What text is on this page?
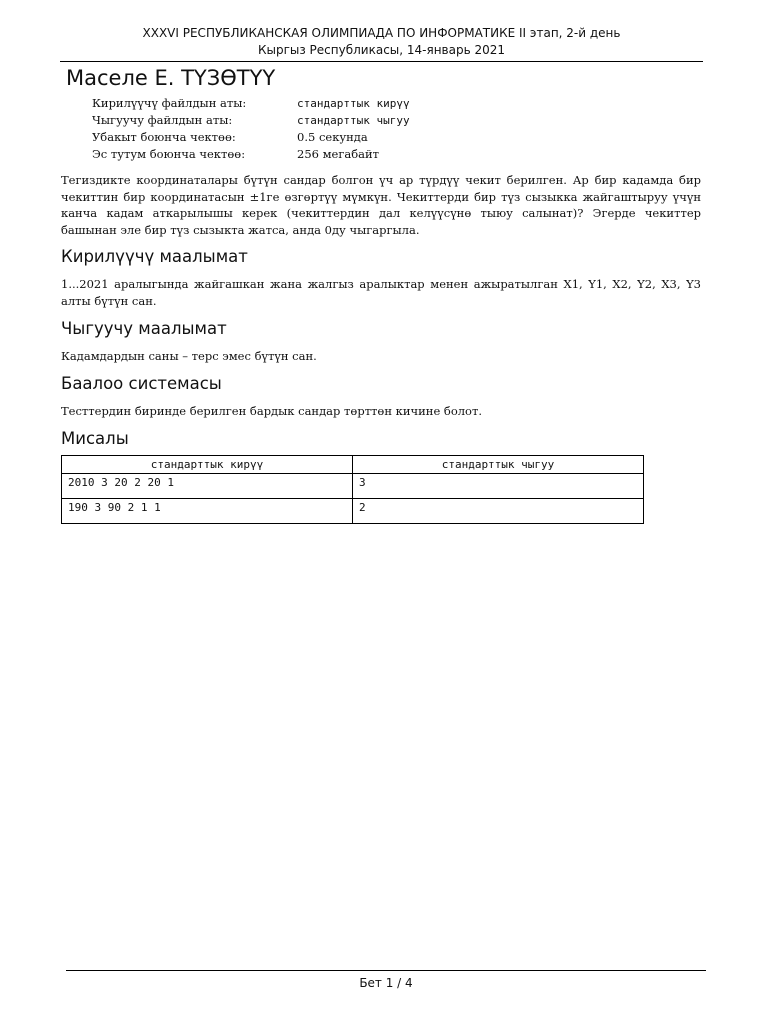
XXXVI РЕСПУБЛИКАНСКАЯ ОЛИМПИАДА ПО ИНФОРМАТИКЕ II этап, 2-й день
Кыргыз Республикасы, 14-январь 2021
Маселе Е. ТҮЗӨТҮҮ
Кирилүүчү файлдын аты:	стандарттык кирүү
Чыгуучу файлдын аты:	стандарттык чыгуу
Убакыт боюнча чектөө:	0.5 секунда
Эс тутум боюнча чектөө:	256 мегабайт

Тегиздикте координаталары бүтүн сандар болгон үч ар түрдүү чекит берилген. Ар бир кадамда бир чекиттин бир координатасын ±1ге өзгөртүү мүмкүн. Чекиттерди бир түз сызыкка жайгаштыруу үчүн канча кадам аткарылышы керек (чекиттердин дал келүүсүнө тыюу салынат)? Эгерде чекиттер башынан эле бир түз сызыкта жатса, анда 0ду чыгаргыла.

Кирилүүчү маалымат

1...2021 аралыгында жайгашкан жана жалгыз аралыктар менен ажыратылган X1, Y1, X2, Y2, X3, Y3 алты бүтүн сан.

Чыгуучу маалымат

Кадамдардын саны – терс эмес бүтүн сан.

Баалоо системасы

Тесттердин биринде берилген бардык сандар төрттөн кичине болот.

Мисалы
стандарттык кирүү	стандарттык чыгуу
2010 3 20 2 20 1	3
190 3 90 2 1 1	2
Бет 1 / 4
